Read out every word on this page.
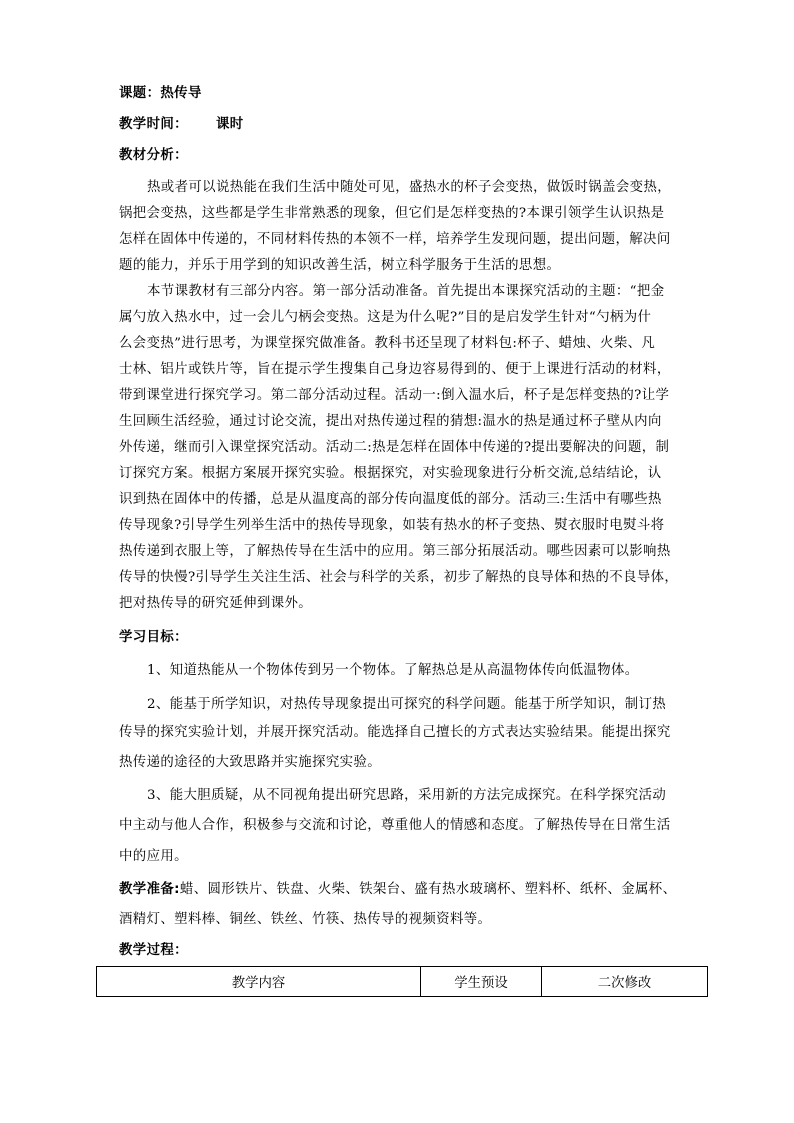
课题：热传导
教学时间： 课时
教材分析：
热或者可以说热能在我们生活中随处可见，盛热水的杯子会变热，做饭时锅盖会变热，
锅把会变热，这些都是学生非常熟悉的现象，但它们是怎样变热的?本课引领学生认识热是
怎样在固体中传递的，不同材料传热的本领不一样，培养学生发现问题，提出问题，解决问
题的能力，并乐于用学到的知识改善生活，树立科学服务于生活的思想。
本节课教材有三部分内容。第一部分活动准备。首先提出本课探究活动的主题：“把金
属勺放入热水中，过一会儿勺柄会变热。这是为什么呢?”目的是启发学生针对“勺柄为什
么会变热”进行思考，为课堂探究做准备。教科书还呈现了材料包:杯子、蜡烛、火柴、凡
士林、铝片或铁片等，旨在提示学生搜集自己身边容易得到的、便于上课进行活动的材料，
带到课堂进行探究学习。第二部分活动过程。活动一:倒入温水后，杯子是怎样变热的?让学
生回顾生活经验，通过讨论交流，提出对热传递过程的猜想:温水的热是通过杯子壁从内向
外传递，继而引入课堂探究活动。活动二:热是怎样在固体中传递的?提出要解决的问题，制
订探究方案。根据方案展开探究实验。根据探究，对实验现象进行分析交流,总结结论，认
识到热在固体中的传播，总是从温度高的部分传向温度低的部分。活动三:生活中有哪些热
传导现象?引导学生列举生活中的热传导现象，如装有热水的杯子变热、熨衣服时电熨斗将
热传递到衣服上等，了解热传导在生活中的应用。第三部分拓展活动。哪些因素可以影响热
传导的快慢?引导学生关注生活、社会与科学的关系，初步了解热的良导体和热的不良导体，
把对热传导的研究延伸到课外。
学习目标：
1、知道热能从一个物体传到另一个物体。了解热总是从高温物体传向低温物体。
2、能基于所学知识，对热传导现象提出可探究的科学问题。能基于所学知识，制订热
传导的探究实验计划，并展开探究活动。能选择自己擅长的方式表达实验结果。能提出探究
热传递的途径的大致思路并实施探究实验。
3、能大胆质疑，从不同视角提出研究思路，采用新的方法完成探究。在科学探究活动
中主动与他人合作，积极参与交流和讨论，尊重他人的情感和态度。了解热传导在日常生活
中的应用。
教学准备:蜡、圆形铁片、铁盘、火柴、铁架台、盛有热水玻璃杯、塑料杯、纸杯、金属杯、
酒精灯、塑料棒、铜丝、铁丝、竹筷、热传导的视频资料等。
教学过程：
教学内容	学生预设	二次修改
